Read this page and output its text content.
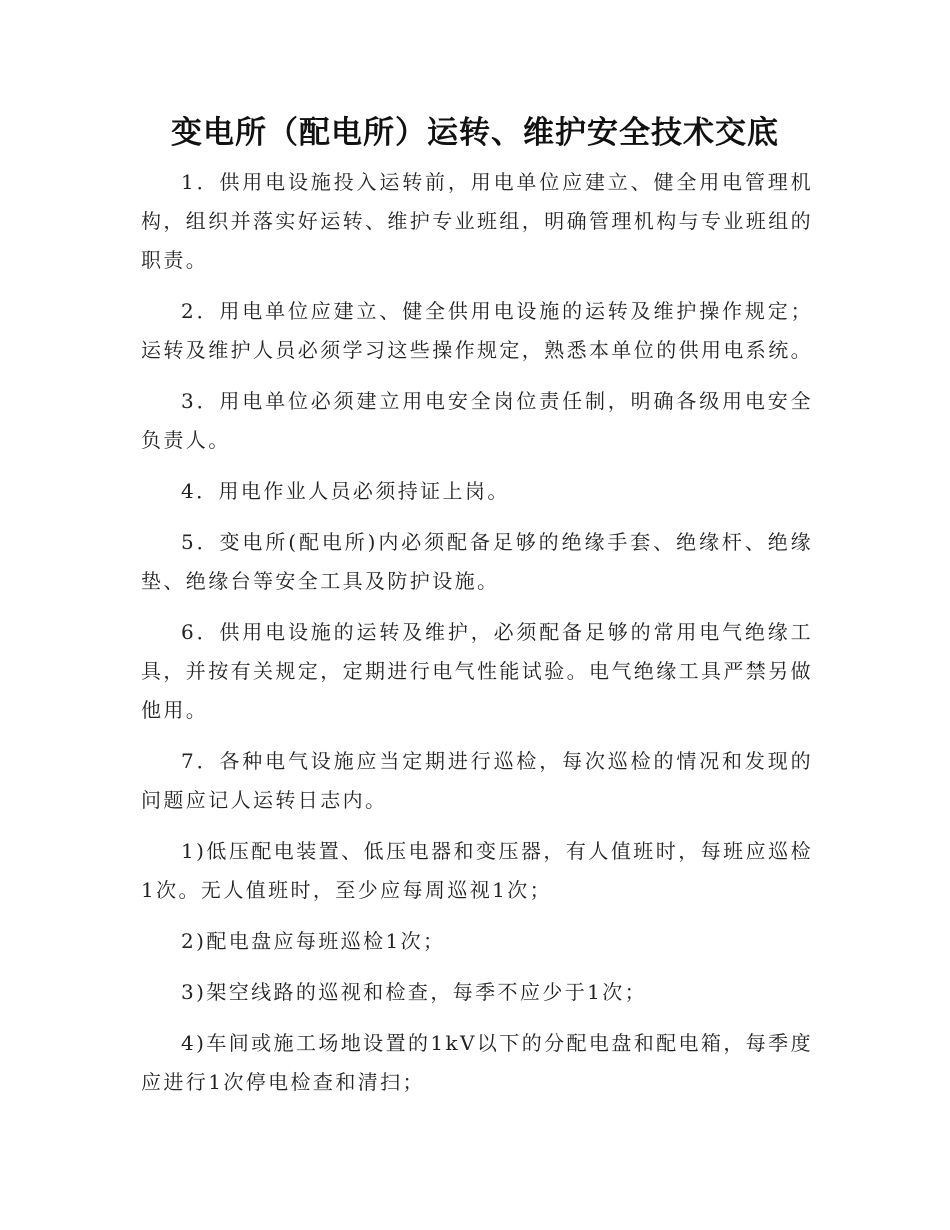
变电所（配电所）运转、维护安全技术交底

1．供用电设施投入运转前，用电单位应建立、健全用电管理机构，组织并落实好运转、维护专业班组，明确管理机构与专业班组的职责。

2．用电单位应建立、健全供用电设施的运转及维护操作规定；运转及维护人员必须学习这些操作规定，熟悉本单位的供用电系统。

3．用电单位必须建立用电安全岗位责任制，明确各级用电安全负责人。

4．用电作业人员必须持证上岗。

5．变电所(配电所)内必须配备足够的绝缘手套、绝缘杆、绝缘垫、绝缘台等安全工具及防护设施。

6．供用电设施的运转及维护，必须配备足够的常用电气绝缘工具，并按有关规定，定期进行电气性能试验。电气绝缘工具严禁另做他用。

7．各种电气设施应当定期进行巡检，每次巡检的情况和发现的问题应记人运转日志内。

1)低压配电装置、低压电器和变压器，有人值班时，每班应巡检1次。无人值班时，至少应每周巡视1次；

2)配电盘应每班巡检1次；

3)架空线路的巡视和检查，每季不应少于1次；

4)车间或施工场地设置的1kV以下的分配电盘和配电箱，每季度应进行1次停电检查和清扫；
